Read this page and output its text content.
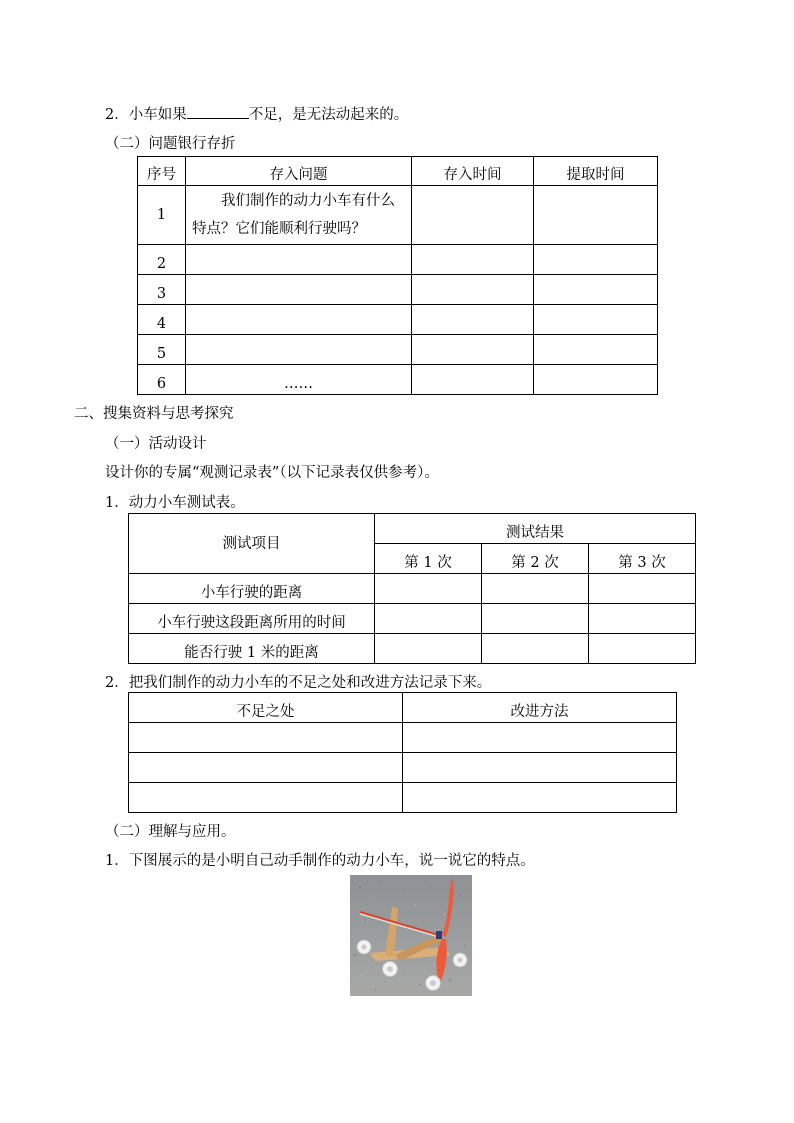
2．小车如果	不足，是无法动起来的。
（二）问题银行存折
序号	存入问题	存入时间	提取时间
1	我们制作的动力小车有什么特点？它们能顺利行驶吗？		

2			
3			
4			
5			
6	……		
二、搜集资料与思考探究
（一）活动设计
设计你的专属“观测记录表”（以下记录表仅供参考）。
1．动力小车测试表。
测试项目	测试结果		
	第 1 次	第 2 次	第 3 次
小车行驶的距离			
小车行驶这段距离所用的时间			
能否行驶 1 米的距离			
2．把我们制作的动力小车的不足之处和改进方法记录下来。
不足之处	改进方法

（二）理解与应用。
1．下图展示的是小明自己动手制作的动力小车，说一说它的特点。
